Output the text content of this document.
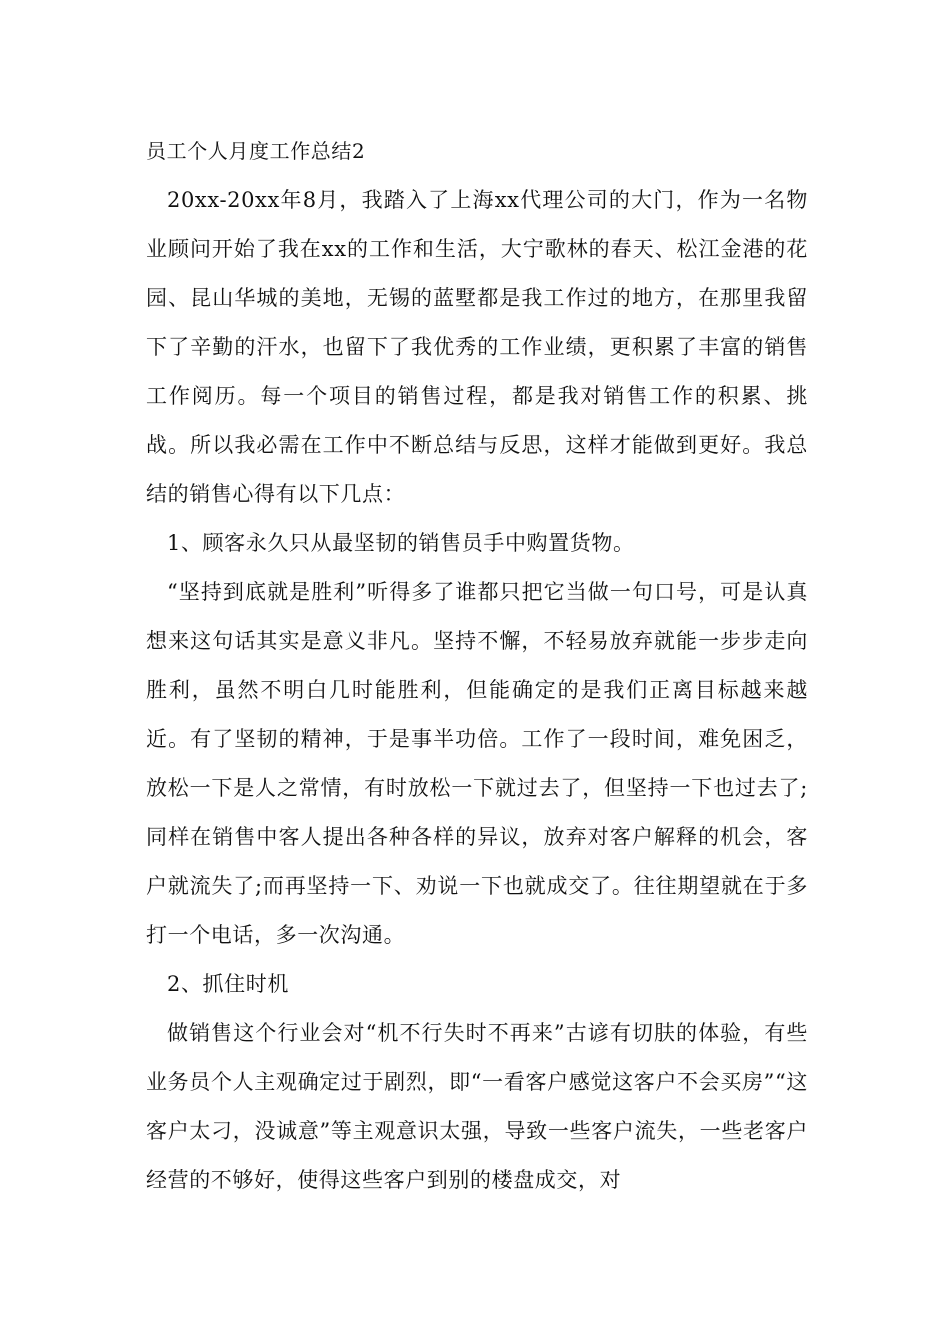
员工个人月度工作总结2

20xx-20xx年8月，我踏入了上海xx代理公司的大门，作为一名物业顾问开始了我在xx的工作和生活，大宁歌林的春天、松江金港的花园、昆山华城的美地，无锡的蓝墅都是我工作过的地方，在那里我留下了辛勤的汗水，也留下了我优秀的工作业绩，更积累了丰富的销售工作阅历。每一个项目的销售过程，都是我对销售工作的积累、挑战。所以我必需在工作中不断总结与反思，这样才能做到更好。我总结的销售心得有以下几点：

1、顾客永久只从最坚韧的销售员手中购置货物。

“坚持到底就是胜利”听得多了谁都只把它当做一句口号，可是认真想来这句话其实是意义非凡。坚持不懈，不轻易放弃就能一步步走向胜利，虽然不明白几时能胜利，但能确定的是我们正离目标越来越近。有了坚韧的精神，于是事半功倍。工作了一段时间，难免困乏，放松一下是人之常情，有时放松一下就过去了，但坚持一下也过去了;同样在销售中客人提出各种各样的异议，放弃对客户解释的机会，客户就流失了;而再坚持一下、劝说一下也就成交了。往往期望就在于多打一个电话，多一次沟通。

2、抓住时机

做销售这个行业会对“机不行失时不再来”古谚有切肤的体验，有些业务员个人主观确定过于剧烈，即“一看客户感觉这客户不会买房”“这客户太刁，没诚意”等主观意识太强，导致一些客户流失，一些老客户经营的不够好，使得这些客户到别的楼盘成交，对
